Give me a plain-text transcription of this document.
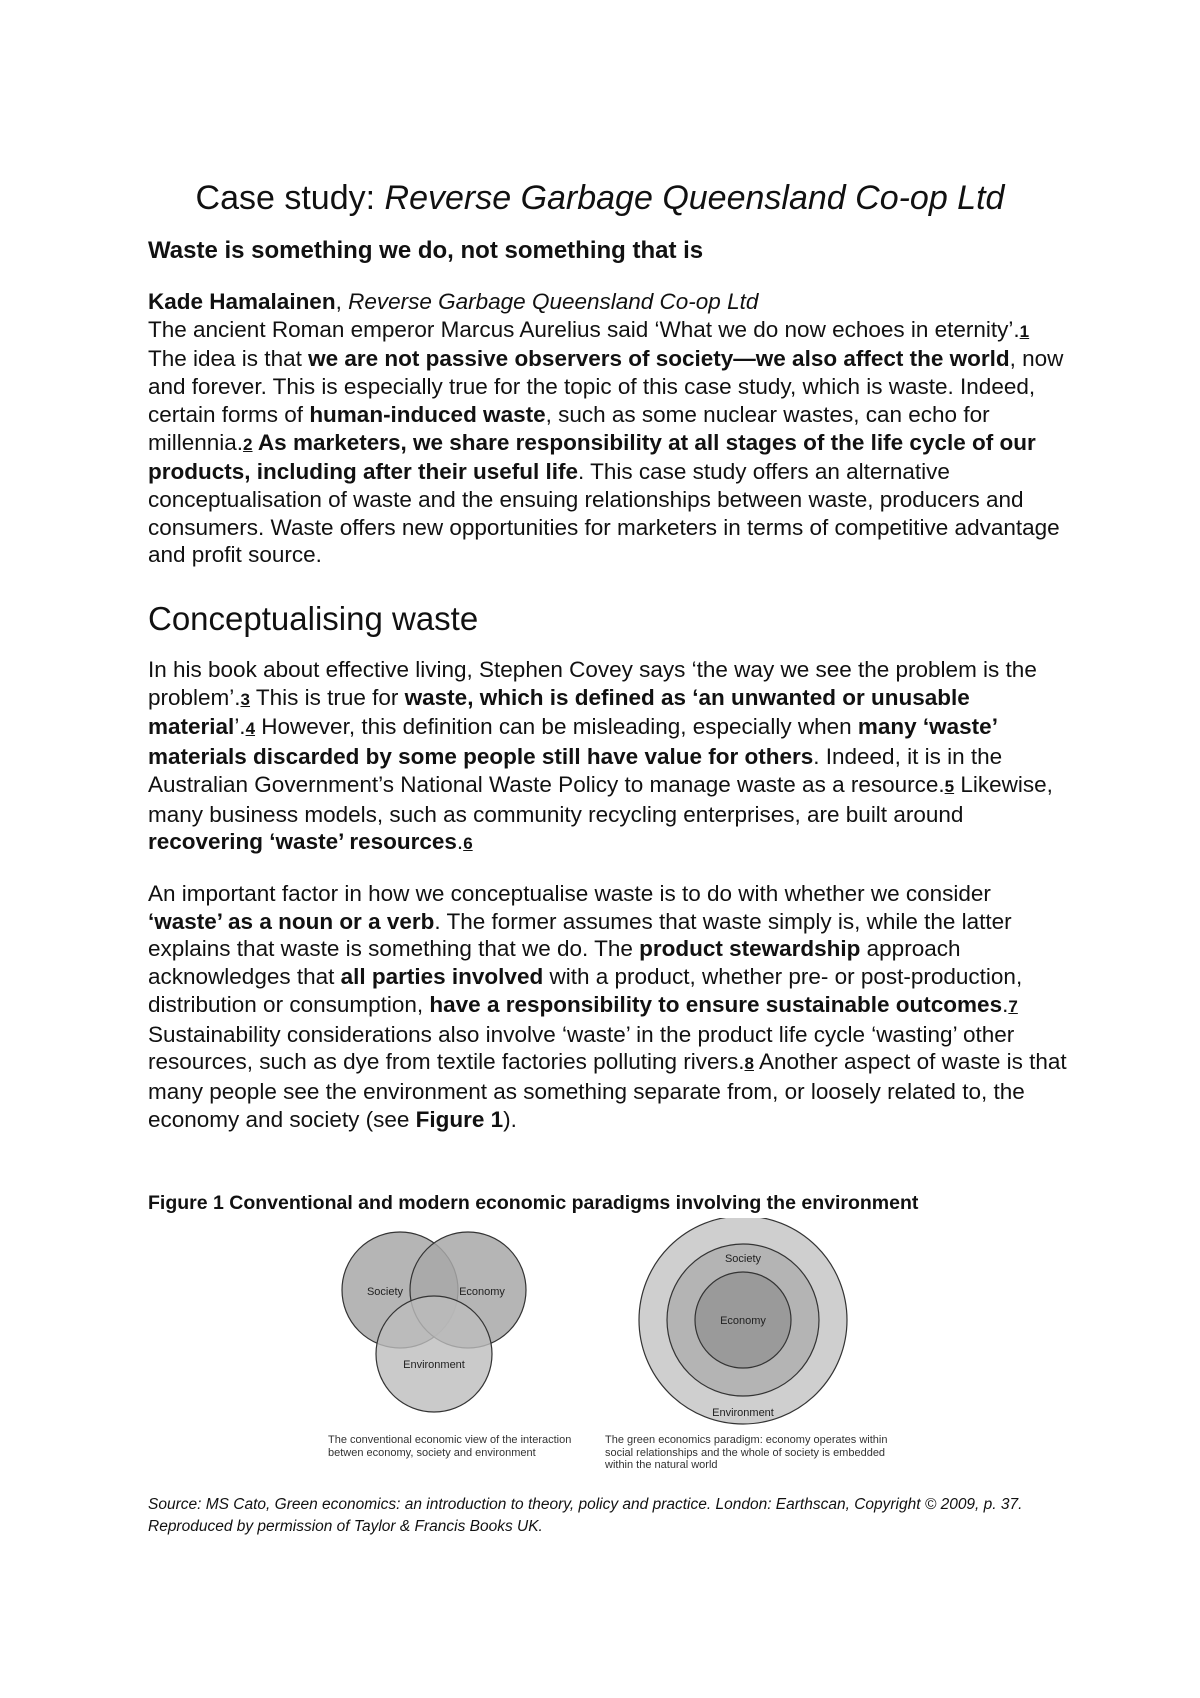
Case study: Reverse Garbage Queensland Co-op Ltd
Waste is something we do, not something that is

Kade Hamalainen, Reverse Garbage Queensland Co-op Ltd
The ancient Roman emperor Marcus Aurelius said ‘What we do now echoes in eternity’.1 The idea is that we are not passive observers of society—we also affect the world, now and forever. This is especially true for the topic of this case study, which is waste. Indeed, certain forms of human-induced waste, such as some nuclear wastes, can echo for millennia.2 As marketers, we share responsibility at all stages of the life cycle of our products, including after their useful life. This case study offers an alternative conceptualisation of waste and the ensuing relationships between waste, producers and consumers. Waste offers new opportunities for marketers in terms of competitive advantage and profit source.

Conceptualising waste

In his book about effective living, Stephen Covey says ‘the way we see the problem is the problem’.3 This is true for waste, which is defined as ‘an unwanted or unusable material’.4 However, this definition can be misleading, especially when many ‘waste’ materials discarded by some people still have value for others. Indeed, it is in the Australian Government’s National Waste Policy to manage waste as a resource.5 Likewise, many business models, such as community recycling enterprises, are built around recovering ‘waste’ resources.6

An important factor in how we conceptualise waste is to do with whether we consider ‘waste’ as a noun or a verb. The former assumes that waste simply is, while the latter explains that waste is something that we do. The product stewardship approach acknowledges that all parties involved with a product, whether pre- or post-production, distribution or consumption, have a responsibility to ensure sustainable outcomes.7 Sustainability considerations also involve ‘waste’ in the product life cycle ‘wasting’ other resources, such as dye from textile factories polluting rivers.8 Another aspect of waste is that many people see the environment as something separate from, or loosely related to, the economy and society (see Figure 1).

Figure 1 Conventional and modern economic paradigms involving the environment

Society	Economy
Environment
Society
Economy
Environment
The conventional economic view of the interaction betwen economy, society and environment
The green economics paradigm: economy operates within social relationships and the whole of society is embedded within the natural world

Source: MS Cato, Green economics: an introduction to theory, policy and practice. London: Earthscan, Copyright © 2009, p. 37. Reproduced by permission of Taylor & Francis Books UK.
